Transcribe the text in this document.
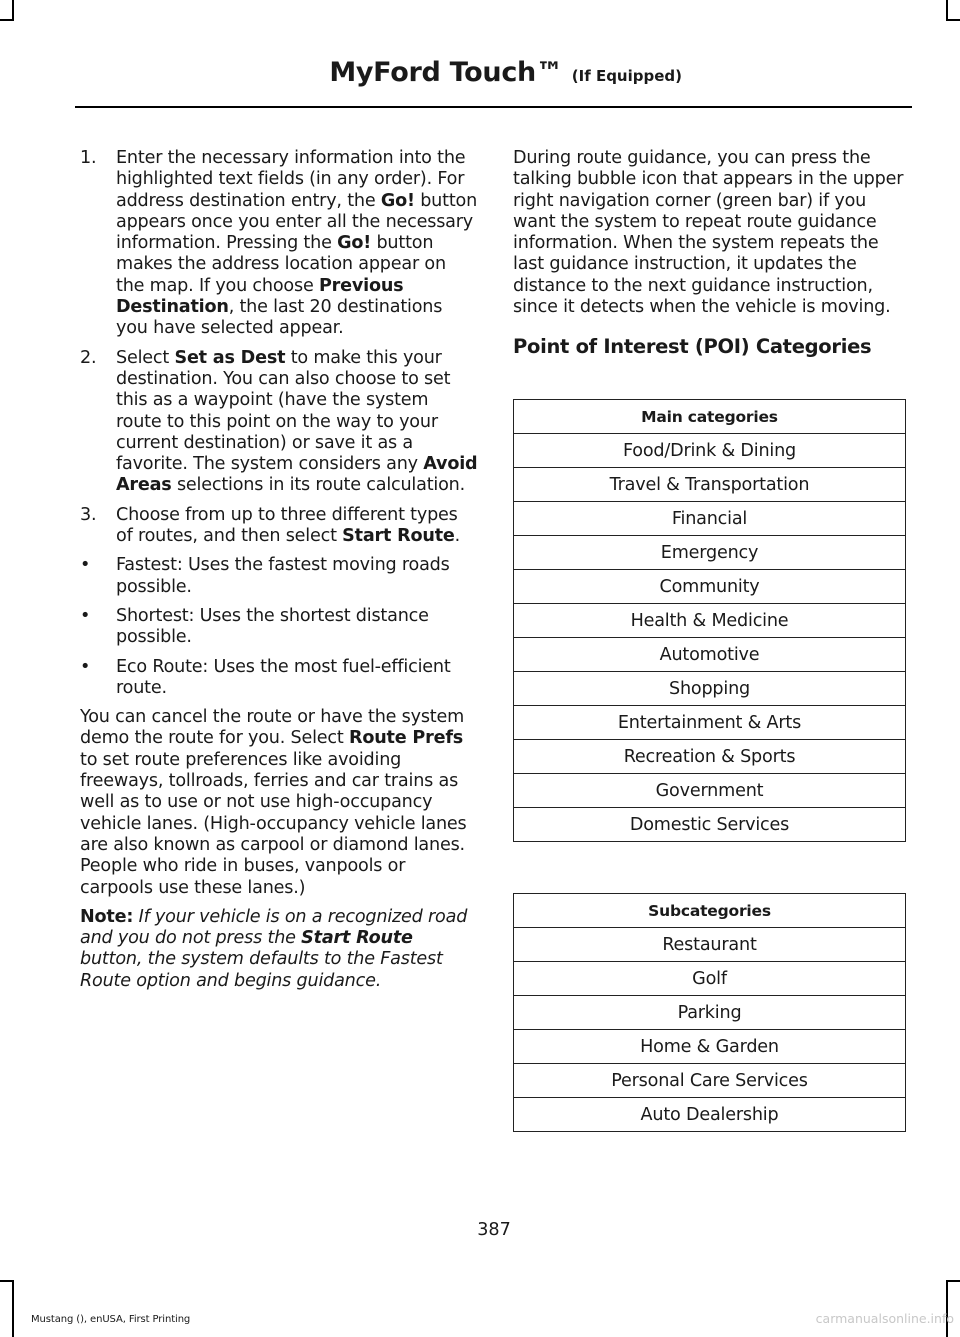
MyFord Touch™ (If Equipped)
1. Enter the necessary information into the highlighted text fields (in any order). For address destination entry, the Go! button appears once you enter all the necessary information. Pressing the Go! button makes the address location appear on the map. If you choose Previous Destination, the last 20 destinations you have selected appear.
2. Select Set as Dest to make this your destination. You can also choose to set this as a waypoint (have the system route to this point on the way to your current destination) or save it as a favorite. The system considers any Avoid Areas selections in its route calculation.
3. Choose from up to three different types of routes, and then select Start Route.
• Fastest: Uses the fastest moving roads possible.
• Shortest: Uses the shortest distance possible.
• Eco Route: Uses the most fuel-efficient route.

You can cancel the route or have the system demo the route for you. Select Route Prefs to set route preferences like avoiding freeways, tollroads, ferries and car trains as well as to use or not use high-occupancy vehicle lanes. (High-occupancy vehicle lanes are also known as carpool or diamond lanes. People who ride in buses, vanpools or carpools use these lanes.)

Note: If your vehicle is on a recognized road and you do not press the Start Route button, the system defaults to the Fastest Route option and begins guidance.

During route guidance, you can press the talking bubble icon that appears in the upper right navigation corner (green bar) if you want the system to repeat route guidance information. When the system repeats the last guidance instruction, it updates the distance to the next guidance instruction, since it detects when the vehicle is moving.

Point of Interest (POI) Categories
Main categories
Food/Drink & Dining
Travel & Transportation
Financial
Emergency
Community
Health & Medicine
Automotive
Shopping
Entertainment & Arts
Recreation & Sports
Government
Domestic Services
Subcategories
Restaurant
Golf
Parking
Home & Garden
Personal Care Services
Auto Dealership
387
Mustang (), enUSA, First Printing	carmanualsonline.info
